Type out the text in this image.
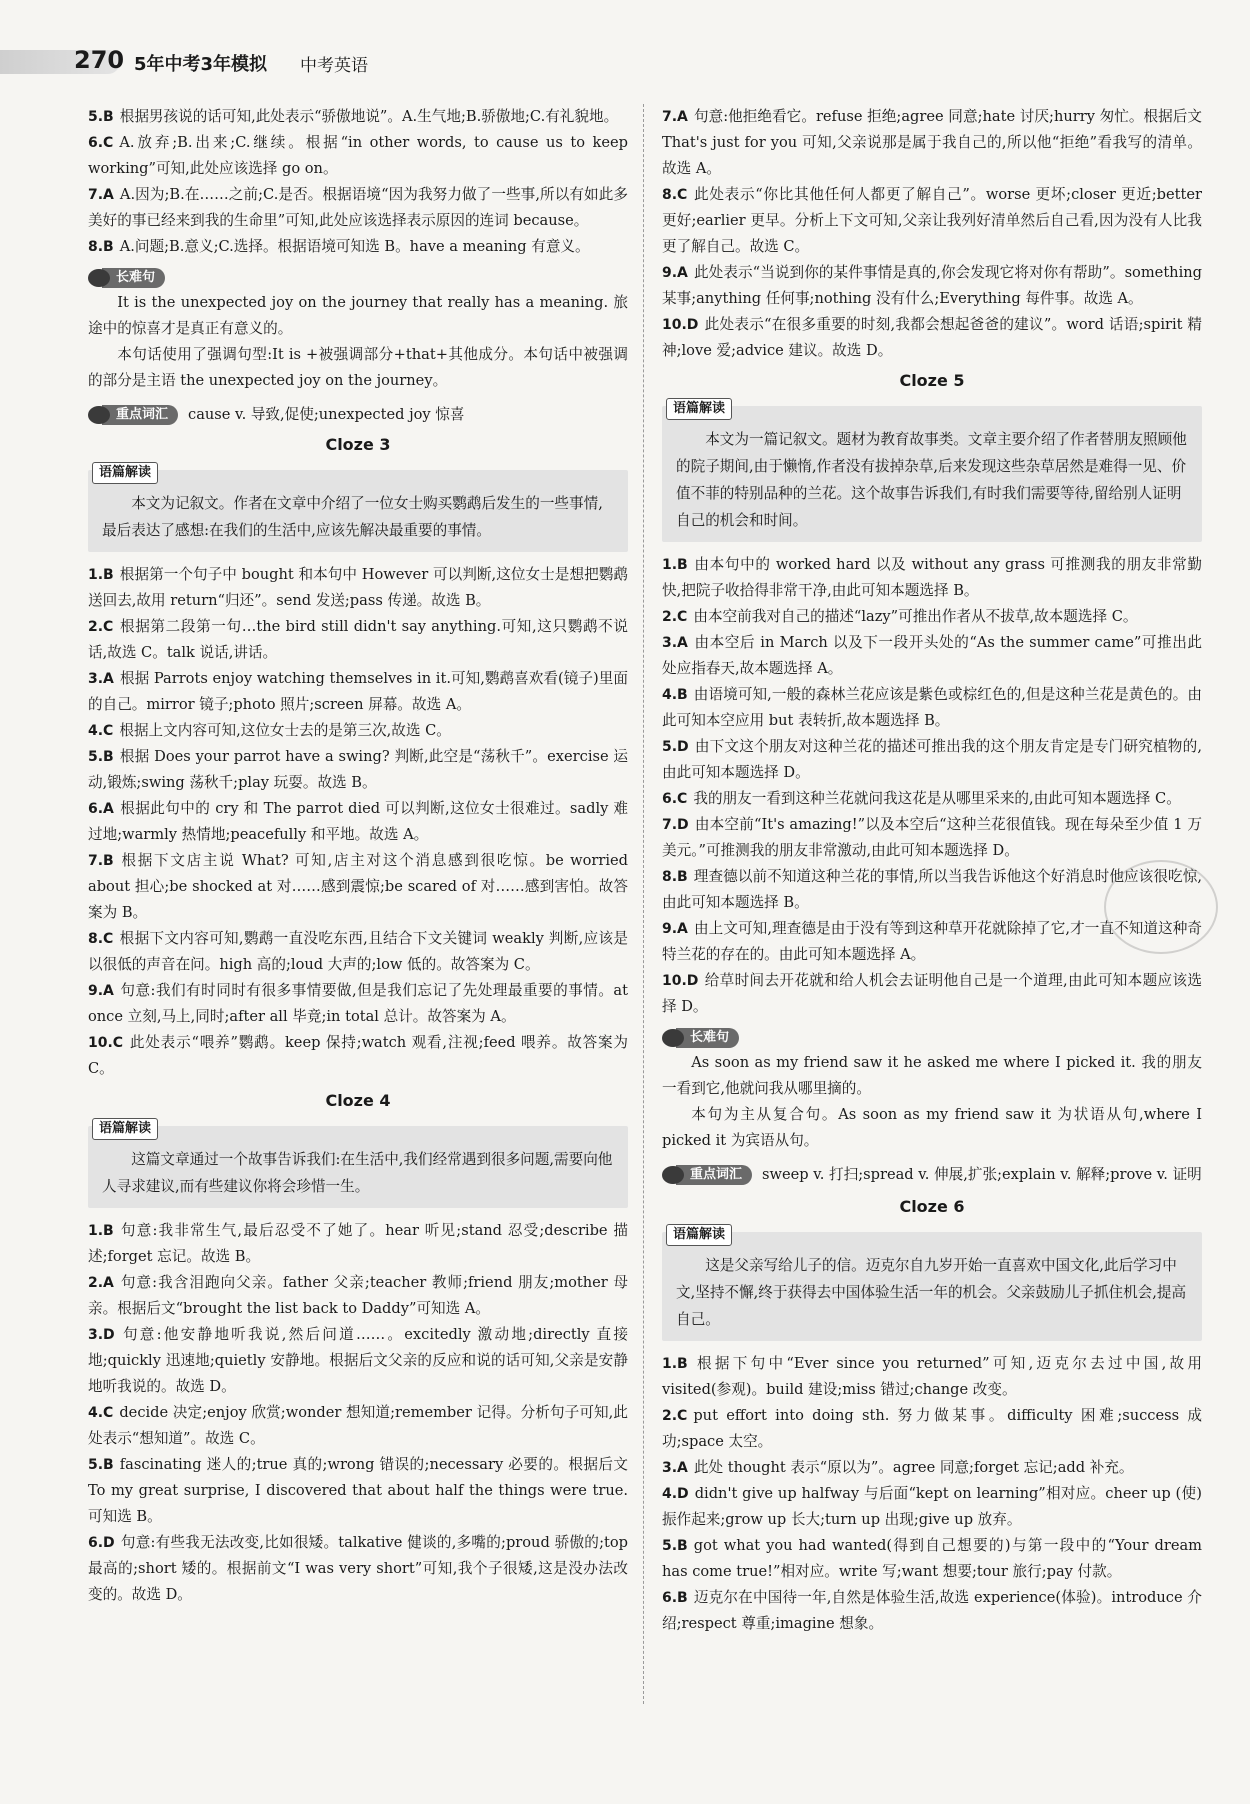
270 5年中考3年模拟 中考英语

5.B 根据男孩说的话可知,此处表示“骄傲地说”。A.生气地;B.骄傲地;C.有礼貌地。

6.C A.放弃;B.出来;C.继续。根据“in other words, to cause us to keep working”可知,此处应该选择 go on。

7.A A.因为;B.在……之前;C.是否。根据语境“因为我努力做了一些事,所以有如此多美好的事已经来到我的生命里”可知,此处应该选择表示原因的连词 because。

8.B A.问题;B.意义;C.选择。根据语境可知选 B。have a meaning 有意义。

长难句

It is the unexpected joy on the journey that really has a meaning. 旅途中的惊喜才是真正有意义的。

本句话使用了强调句型:It is +被强调部分+that+其他成分。本句话中被强调的部分是主语 the unexpected joy on the journey。

重点词汇	cause v. 导致,促使;unexpected joy 惊喜
Cloze 3
语篇解读
本文为记叙文。作者在文章中介绍了一位女士购买鹦鹉后发生的一些事情,最后表达了感想:在我们的生活中,应该先解决最重要的事情。

1.B 根据第一个句子中 bought 和本句中 However 可以判断,这位女士是想把鹦鹉送回去,故用 return“归还”。send 发送;pass 传递。故选 B。

2.C 根据第二段第一句…the bird still didn't say anything.可知,这只鹦鹉不说话,故选 C。talk 说话,讲话。

3.A 根据 Parrots enjoy watching themselves in it.可知,鹦鹉喜欢看(镜子)里面的自己。mirror 镜子;photo 照片;screen 屏幕。故选 A。

4.C 根据上文内容可知,这位女士去的是第三次,故选 C。

5.B 根据 Does your parrot have a swing? 判断,此空是“荡秋千”。exercise 运动,锻炼;swing 荡秋千;play 玩耍。故选 B。

6.A 根据此句中的 cry 和 The parrot died 可以判断,这位女士很难过。sadly 难过地;warmly 热情地;peacefully 和平地。故选 A。

7.B 根据下文店主说 What? 可知,店主对这个消息感到很吃惊。be worried about 担心;be shocked at 对……感到震惊;be scared of 对……感到害怕。故答案为 B。

8.C 根据下文内容可知,鹦鹉一直没吃东西,且结合下文关键词 weakly 判断,应该是以很低的声音在问。high 高的;loud 大声的;low 低的。故答案为 C。

9.A 句意:我们有时同时有很多事情要做,但是我们忘记了先处理最重要的事情。at once 立刻,马上,同时;after all 毕竟;in total 总计。故答案为 A。

10.C 此处表示“喂养”鹦鹉。keep 保持;watch 观看,注视;feed 喂养。故答案为 C。

Cloze 4
语篇解读
这篇文章通过一个故事告诉我们:在生活中,我们经常遇到很多问题,需要向他人寻求建议,而有些建议你将会珍惜一生。

1.B 句意:我非常生气,最后忍受不了她了。hear 听见;stand 忍受;describe 描述;forget 忘记。故选 B。

2.A 句意:我含泪跑向父亲。father 父亲;teacher 教师;friend 朋友;mother 母亲。根据后文“brought the list back to Daddy”可知选 A。

3.D 句意:他安静地听我说,然后问道……。excitedly 激动地;directly 直接地;quickly 迅速地;quietly 安静地。根据后文父亲的反应和说的话可知,父亲是安静地听我说的。故选 D。

4.C decide 决定;enjoy 欣赏;wonder 想知道;remember 记得。分析句子可知,此处表示“想知道”。故选 C。

5.B fascinating 迷人的;true 真的;wrong 错误的;necessary 必要的。根据后文 To my great surprise, I discovered that about half the things were true.可知选 B。

6.D 句意:有些我无法改变,比如很矮。talkative 健谈的,多嘴的;proud 骄傲的;top 最高的;short 矮的。根据前文“I was very short”可知,我个子很矮,这是没办法改变的。故选 D。

7.A 句意:他拒绝看它。refuse 拒绝;agree 同意;hate 讨厌;hurry 匆忙。根据后文 That's just for you 可知,父亲说那是属于我自己的,所以他“拒绝”看我写的清单。故选 A。

8.C 此处表示“你比其他任何人都更了解自己”。worse 更坏;closer 更近;better 更好;earlier 更早。分析上下文可知,父亲让我列好清单然后自己看,因为没有人比我更了解自己。故选 C。

9.A 此处表示“当说到你的某件事情是真的,你会发现它将对你有帮助”。something 某事;anything 任何事;nothing 没有什么;Everything 每件事。故选 A。

10.D 此处表示“在很多重要的时刻,我都会想起爸爸的建议”。word 话语;spirit 精神;love 爱;advice 建议。故选 D。

Cloze 5
语篇解读
本文为一篇记叙文。题材为教育故事类。文章主要介绍了作者替朋友照顾他的院子期间,由于懒惰,作者没有拔掉杂草,后来发现这些杂草居然是难得一见、价值不菲的特别品种的兰花。这个故事告诉我们,有时我们需要等待,留给别人证明自己的机会和时间。

1.B 由本句中的 worked hard 以及 without any grass 可推测我的朋友非常勤快,把院子收拾得非常干净,由此可知本题选择 B。

2.C 由本空前我对自己的描述“lazy”可推出作者从不拔草,故本题选择 C。

3.A 由本空后 in March 以及下一段开头处的“As the summer came”可推出此处应指春天,故本题选择 A。

4.B 由语境可知,一般的森林兰花应该是紫色或棕红色的,但是这种兰花是黄色的。由此可知本空应用 but 表转折,故本题选择 B。

5.D 由下文这个朋友对这种兰花的描述可推出我的这个朋友肯定是专门研究植物的,由此可知本题选择 D。

6.C 我的朋友一看到这种兰花就问我这花是从哪里采来的,由此可知本题选择 C。

7.D 由本空前“It's amazing!”以及本空后“这种兰花很值钱。现在每朵至少值 1 万美元。”可推测我的朋友非常激动,由此可知本题选择 D。

8.B 理查德以前不知道这种兰花的事情,所以当我告诉他这个好消息时他应该很吃惊,由此可知本题选择 B。

9.A 由上文可知,理查德是由于没有等到这种草开花就除掉了它,才一直不知道这种奇特兰花的存在的。由此可知本题选择 A。

10.D 给草时间去开花就和给人机会去证明他自己是一个道理,由此可知本题应该选择 D。

长难句

As soon as my friend saw it he asked me where I picked it. 我的朋友一看到它,他就问我从哪里摘的。

本句为主从复合句。As soon as my friend saw it 为状语从句,where I picked it 为宾语从句。

重点词汇	sweep v. 打扫;spread v. 伸展,扩张;explain v. 解释;prove v. 证明
Cloze 6
语篇解读
这是父亲写给儿子的信。迈克尔自九岁开始一直喜欢中国文化,此后学习中文,坚持不懈,终于获得去中国体验生活一年的机会。父亲鼓励儿子抓住机会,提高自己。

1.B 根据下句中“Ever since you returned”可知,迈克尔去过中国,故用 visited(参观)。build 建设;miss 错过;change 改变。

2.C put effort into doing sth. 努力做某事。difficulty 困难;success 成功;space 太空。

3.A 此处 thought 表示“原以为”。agree 同意;forget 忘记;add 补充。

4.D didn't give up halfway 与后面“kept on learning”相对应。cheer up (使)振作起来;grow up 长大;turn up 出现;give up 放弃。

5.B got what you had wanted(得到自己想要的)与第一段中的“Your dream has come true!”相对应。write 写;want 想要;tour 旅行;pay 付款。

6.B 迈克尔在中国待一年,自然是体验生活,故选 experience(体验)。introduce 介绍;respect 尊重;imagine 想象。
